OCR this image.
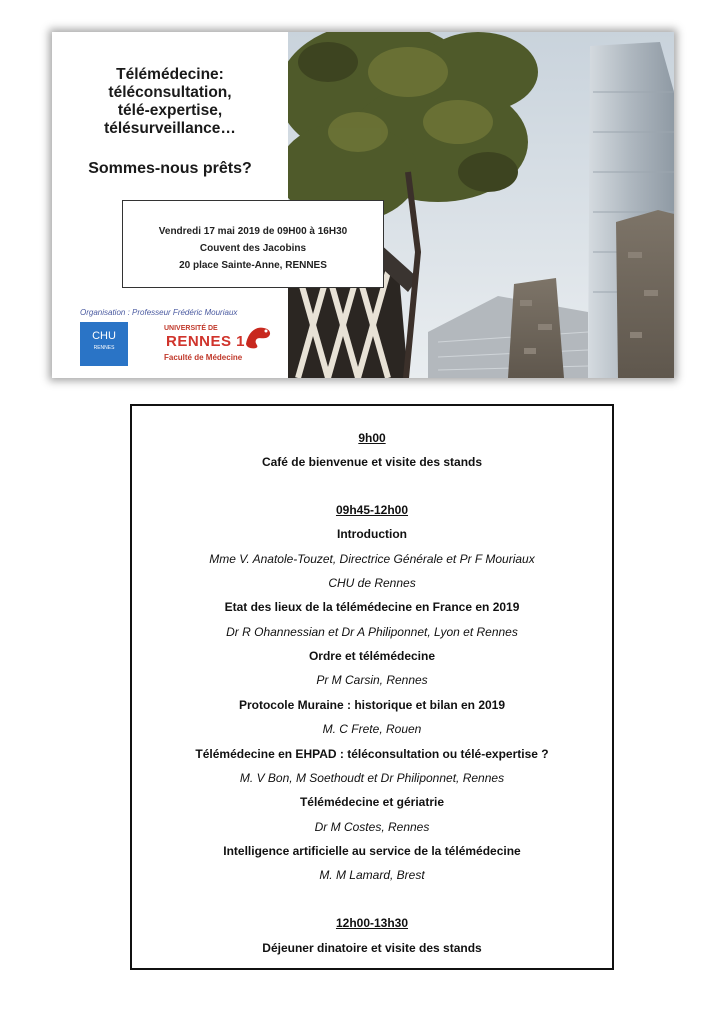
Télémédecine:
téléconsultation,
télé-expertise,
télésurveillance…
Sommes-nous prêts?
Organisation : Professeur Frédéric Mouriaux
CHU
RENNES
UNIVERSITÉ DE
RENNES 1
Faculté de Médecine
Vendredi 17 mai 2019 de 09H00 à 16H30
Couvent des Jacobins
20 place Sainte-Anne, RENNES
9h00
Café de bienvenue et visite des stands
09h45-12h00
Introduction
Mme V. Anatole-Touzet, Directrice Générale et Pr F Mouriaux
CHU de Rennes
Etat des lieux de la télémédecine en France en 2019
Dr R Ohannessian et Dr A Philiponnet, Lyon et Rennes
Ordre et télémédecine
Pr M Carsin, Rennes
Protocole Muraine : historique et bilan en 2019
M. C Frete, Rouen
Télémédecine en EHPAD : téléconsultation ou télé-expertise ?
M. V Bon, M Soethoudt et Dr Philiponnet, Rennes
Télémédecine et gériatrie
Dr M Costes, Rennes
Intelligence artificielle au service de la télémédecine
M. M Lamard, Brest
12h00-13h30
Déjeuner dinatoire et visite des stands
